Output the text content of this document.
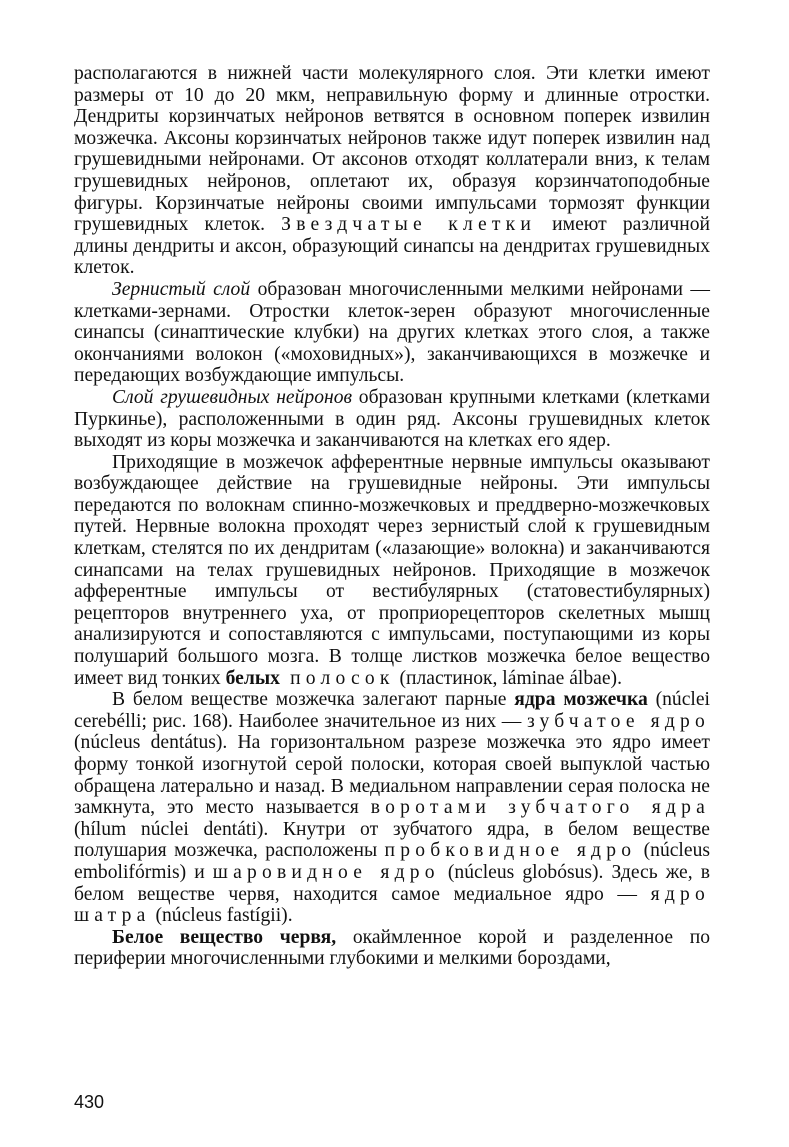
располагаются в нижней части молекулярного слоя. Эти клетки имеют размеры от 10 до 20 мкм, неправильную форму и длинные отростки. Дендриты корзинчатых нейронов ветвятся в основном поперек извилин мозжечка. Аксоны корзинчатых нейронов также идут поперек извилин над грушевидными нейронами. От аксонов отходят коллатерали вниз, к телам грушевидных нейронов, оплетают их, образуя корзинчатоподобные фигуры. Корзинчатые нейроны своими импульсами тормозят функции грушевидных клеток. Звездчатые клетки имеют различной длины дендриты и аксон, образующий синапсы на дендритах грушевидных клеток.

Зернистый слой образован многочисленными мелкими нейронами — клетками-зернами. Отростки клеток-зерен образуют многочисленные синапсы (синаптические клубки) на других клетках этого слоя, а также окончаниями волокон («моховидных»), заканчивающихся в мозжечке и передающих возбуждающие импульсы.

Слой грушевидных нейронов образован крупными клетками (клетками Пуркинье), расположенными в один ряд. Аксоны грушевидных клеток выходят из коры мозжечка и заканчиваются на клетках его ядер.

Приходящие в мозжечок афферентные нервные импульсы оказывают возбуждающее действие на грушевидные нейроны. Эти импульсы передаются по волокнам спинно-мозжечковых и преддверно-мозжечковых путей. Нервные волокна проходят через зернистый слой к грушевидным клеткам, стелятся по их дендритам («лазающие» волокна) и заканчиваются синапсами на телах грушевидных нейронов. Приходящие в мозжечок афферентные импульсы от вестибулярных (статовестибулярных) рецепторов внутреннего уха, от проприорецепторов скелетных мышц анализируются и сопоставляются с импульсами, поступающими из коры полушарий большого мозга. В толще листков мозжечка белое вещество имеет вид тонких белых полосок (пластинок, láminae álbae).

В белом веществе мозжечка залегают парные ядра мозжечка (núclei cerebélli; рис. 168). Наиболее значительное из них — зубчатое ядро (núcleus dentátus). На горизонтальном разрезе мозжечка это ядро имеет форму тонкой изогнутой серой полоски, которая своей выпуклой частью обращена латерально и назад. В медиальном направлении серая полоска не замкнута, это место называется воротами зубчатого ядра (hílum núclei dentáti). Кнутри от зубчатого ядра, в белом веществе полушария мозжечка, расположены пробковидное ядро (núcleus embolifórmis) и шаровидное ядро (núcleus globósus). Здесь же, в белом веществе червя, находится самое медиальное ядро — ядро шатра (núcleus fastígii).

Белое вещество червя, окаймленное корой и разделенное по периферии многочисленными глубокими и мелкими бороздами,

430
